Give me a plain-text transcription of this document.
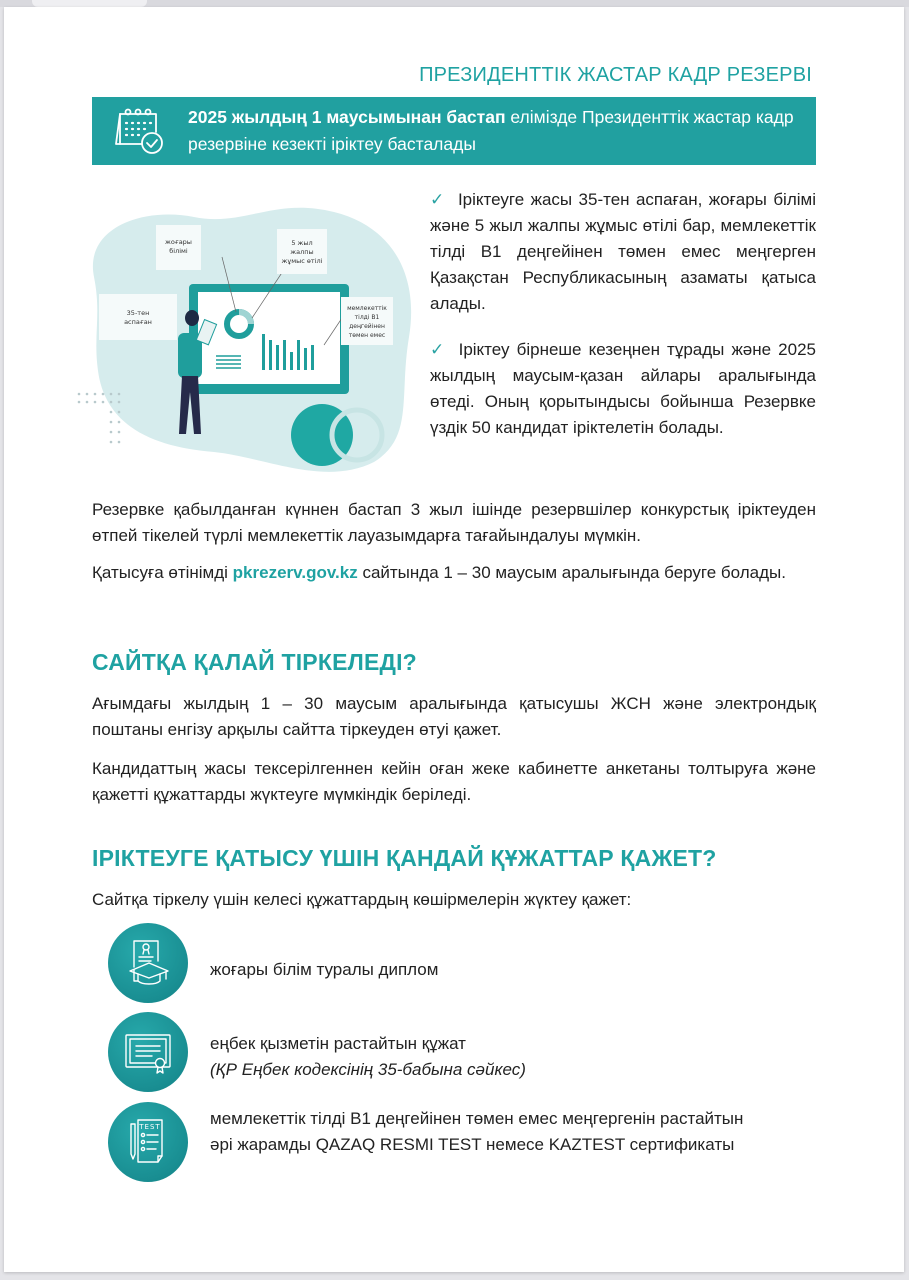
ПРЕЗИДЕНТТІК ЖАСТАР КАДР РЕЗЕРВІ
2025 жылдың 1 маусымынан бастап елімізде Президенттік жастар кадр резервіне кезекті іріктеу басталады
жоғары
білімі
5 жыл
жалпы
жұмыс өтілі
35-тен
аспаған
мемлекеттік
тілді В1
деңгейінен
төмен емес

✓ Іріктеуге жасы 35-тен аспаған, жоғары білімі және 5 жыл жалпы жұмыс өтілі бар, мемлекеттік тілді В1 деңгейінен төмен емес меңгерген Қазақстан Республикасының азаматы қатыса алады.

✓ Іріктеу бірнеше кезеңнен тұрады және 2025 жылдың маусым-қазан айлары аралығында өтеді. Оның қорытындысы бойынша Резервке үздік 50 кандидат іріктелетін болады.

Резервке қабылданған күннен бастап 3 жыл ішінде резервшілер конкурстық іріктеуден өтпей тікелей түрлі мемлекеттік лауазымдарға тағайындалуы мүмкін.

Қатысуға өтінімді pkrezerv.gov.kz сайтында 1 – 30 маусым аралығында беруге болады.

САЙТҚА ҚАЛАЙ ТІРКЕЛЕДІ?

Ағымдағы жылдың 1 – 30 маусым аралығында қатысушы ЖСН және электрондық поштаны енгізу арқылы сайтта тіркеуден өтуі қажет.

Кандидаттың жасы тексерілгеннен кейін оған жеке кабинетте анкетаны толтыруға және қажетті құжаттарды жүктеуге мүмкіндік беріледі.

ІРІКТЕУГЕ ҚАТЫСУ ҮШІН ҚАНДАЙ ҚҰЖАТТАР ҚАЖЕТ?

Сайтқа тіркелу үшін келесі құжаттардың көшірмелерін жүктеу қажет:

жоғары білім туралы диплом
еңбек қызметін растайтын құжат
(ҚР Еңбек кодексінің 35-бабына сәйкес)
TEST	мемлекеттік тілді В1 деңгейінен төмен емес меңгергенін растайтын әрі жарамды QAZAQ RESMI TEST немесе KAZTEST сертификаты
